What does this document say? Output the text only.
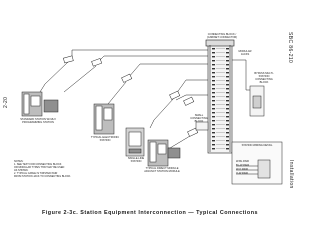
2-20
SBC 86-210
Installation
CONNECTING BLOCK / (CABINET CONNECTOR)
MODULAR JACKS
BYPASS MULTI-STATION CONNECTING BLOCK
STANDARD STATION W/ MLX PROGRAMMING STATION
TYPICAL ELECTRONIC STATION
SINGLE-LINE STATION
SMALL CONNECTING BLOCK
TYPICAL DIRECT MODULE ADJUNCT STATION MODULE
STATION WIRING DETAIL
W-BL PAIR
BL-W PAIR
W-O PAIR
O-W PAIR
NOTES:
1. SEE TEXT FOR CONNECTING BLOCK
OR MODULAR TYPES THAT MAY BE USED
AS SHOWN.
2. TYPICAL CABLE IS TWISTED PAIR
FROM STATION JACK TO CONNECTING BLOCK.
Figure 2-3c. Station Equipment Interconnection — Typical Connections
